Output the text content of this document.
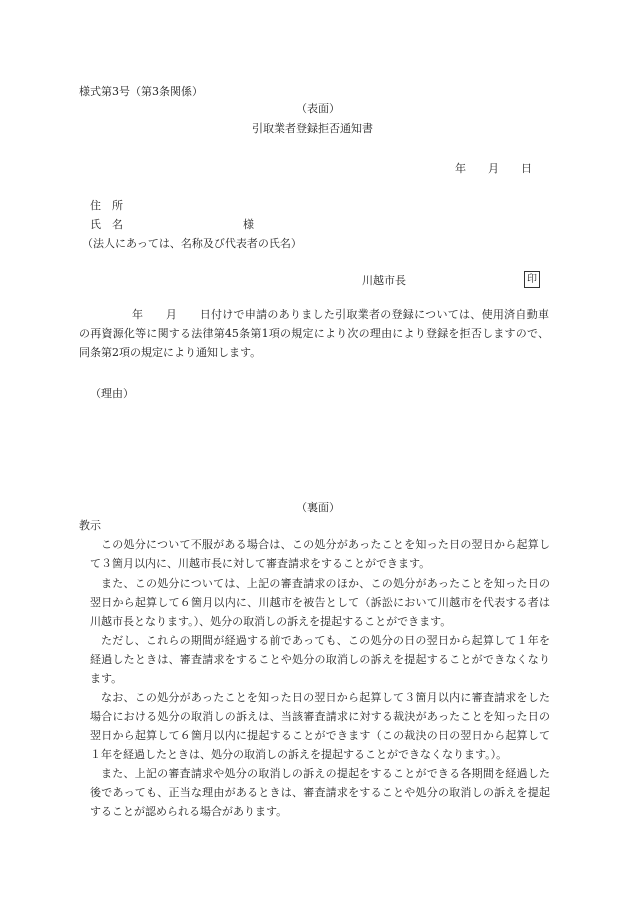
様式第3号（第3条関係）
（表面）
引取業者登録拒否通知書
年　　月　　日
住　所
氏　名	様
（法人にあっては、名称及び代表者の氏名）
川越市長	印
年　　月　　日付けで申請のありました引取業者の登録については、使用済自動車の再資源化等に関する法律第45条第1項の規定により次の理由により登録を拒否しますので、同条第2項の規定により通知します。
（理由）
（裏面）
教示
この処分について不服がある場合は、この処分があったことを知った日の翌日から起算して３箇月以内に、川越市長に対して審査請求をすることができます。
また、この処分については、上記の審査請求のほか、この処分があったことを知った日の翌日から起算して６箇月以内に、川越市を被告として（訴訟において川越市を代表する者は川越市長となります。）、処分の取消しの訴えを提起することができます。
ただし、これらの期間が経過する前であっても、この処分の日の翌日から起算して１年を経過したときは、審査請求をすることや処分の取消しの訴えを提起することができなくなります。
なお、この処分があったことを知った日の翌日から起算して３箇月以内に審査請求をした場合における処分の取消しの訴えは、当該審査請求に対する裁決があったことを知った日の翌日から起算して６箇月以内に提起することができます（この裁決の日の翌日から起算して１年を経過したときは、処分の取消しの訴えを提起することができなくなります。）。
また、上記の審査請求や処分の取消しの訴えの提起をすることができる各期間を経過した後であっても、正当な理由があるときは、審査請求をすることや処分の取消しの訴えを提起することが認められる場合があります。
